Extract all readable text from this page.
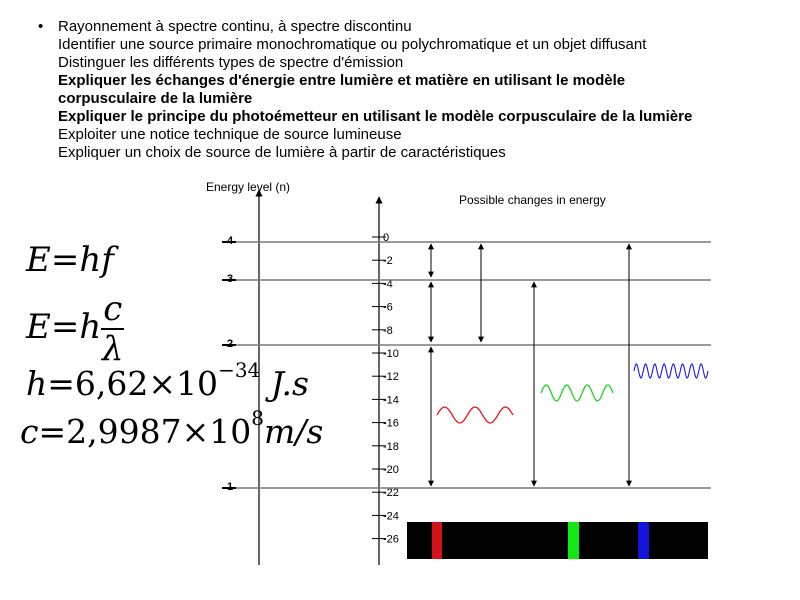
• Rayonnement à spectre continu, à spectre discontinu
Identifier une source primaire monochromatique ou polychromatique et un objet diffusant
Distinguer les différents types de spectre d'émission
Expliquer les échanges d'énergie entre lumière et matière en utilisant le modèle
corpusculaire de la lumière
Expliquer le principe du photoémetteur en utilisant le modèle corpusculaire de la lumière
Exploiter une notice technique de source lumineuse
Expliquer un choix de source de lumière à partir de caractéristiques
Energy level (n)
0
-2
-4
-6
-8
-10
-12
-14
-16
-18
-20
-22
-24
-26
4
3
2
1
Possible changes in energy
E=hf
$E=h \frac{c}{\lambda}$
$h=6,62\times 10^{-34}$ J.s
$c=2,9987\times 10^8m/s$
